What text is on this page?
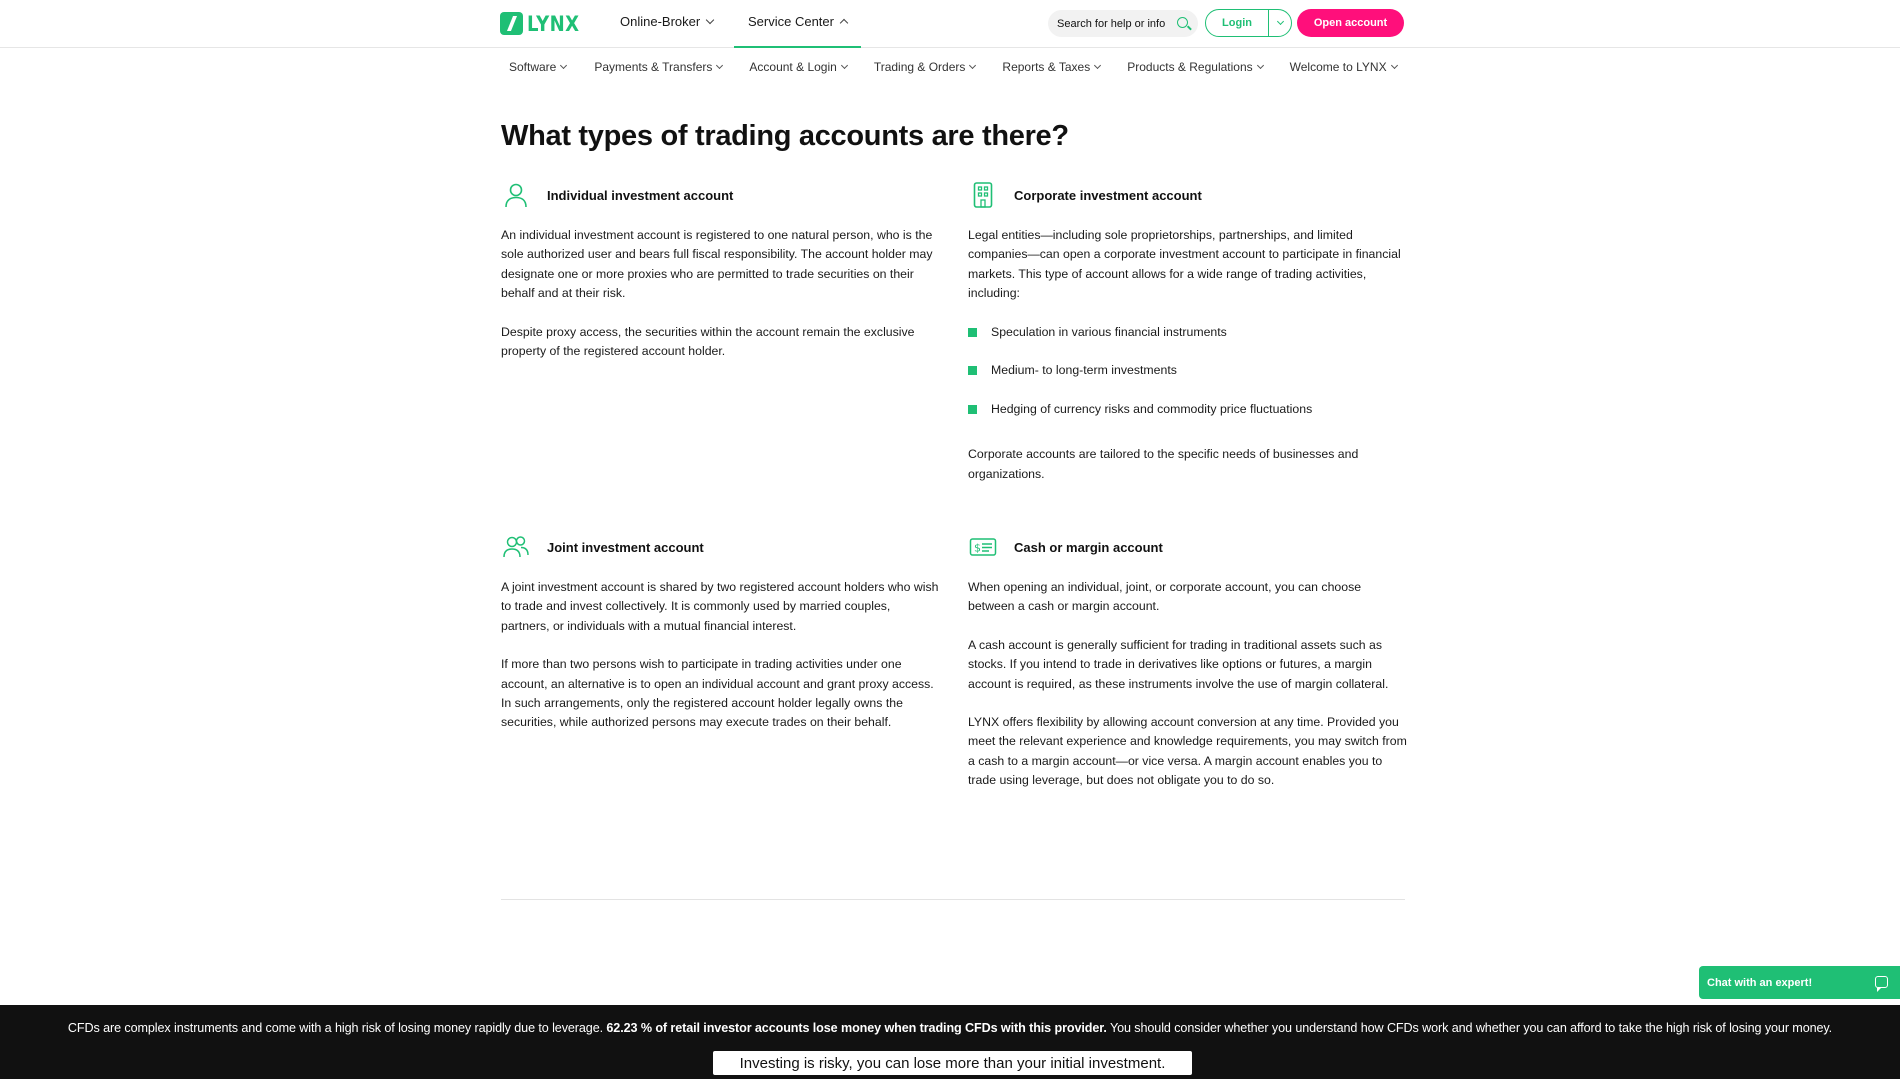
LYNX	Online-Broker	Service Center	Search for help or info	Login	Open account
Software	Payments & Transfers	Account & Login	Trading & Orders	Reports & Taxes	Products & Regulations	Welcome to LYNX
What types of trading accounts are there?
Individual investment account

An individual investment account is registered to one natural person, who is the sole authorized user and bears full fiscal responsibility. The account holder may designate one or more proxies who are permitted to trade securities on their behalf and at their risk.

Despite proxy access, the securities within the account remain the exclusive property of the registered account holder.

Corporate investment account

Legal entities—including sole proprietorships, partnerships, and limited companies—can open a corporate investment account to participate in financial markets. This type of account allows for a wide range of trading activities, including:

Speculation in various financial instruments
Medium- to long-term investments
Hedging of currency risks and commodity price fluctuations

Corporate accounts are tailored to the specific needs of businesses and organizations.

Joint investment account

A joint investment account is shared by two registered account holders who wish to trade and invest collectively. It is commonly used by married couples, partners, or individuals with a mutual financial interest.

If more than two persons wish to participate in trading activities under one account, an alternative is to open an individual account and grant proxy access. In such arrangements, only the registered account holder legally owns the securities, while authorized persons may execute trades on their behalf.

$	Cash or margin account

When opening an individual, joint, or corporate account, you can choose between a cash or margin account.

A cash account is generally sufficient for trading in traditional assets such as stocks. If you intend to trade in derivatives like options or futures, a margin account is required, as these instruments involve the use of margin collateral.

LYNX offers flexibility by allowing account conversion at any time. Provided you meet the relevant experience and knowledge requirements, you may switch from a cash to a margin account—or vice versa. A margin account enables you to trade using leverage, but does not obligate you to do so.

Chat with an expert!
CFDs are complex instruments and come with a high risk of losing money rapidly due to leverage. 62.23 % of retail investor accounts lose money when trading CFDs with this provider. You should consider whether you understand how CFDs work and whether you can afford to take the high risk of losing your money.
Investing is risky, you can lose more than your initial investment.
